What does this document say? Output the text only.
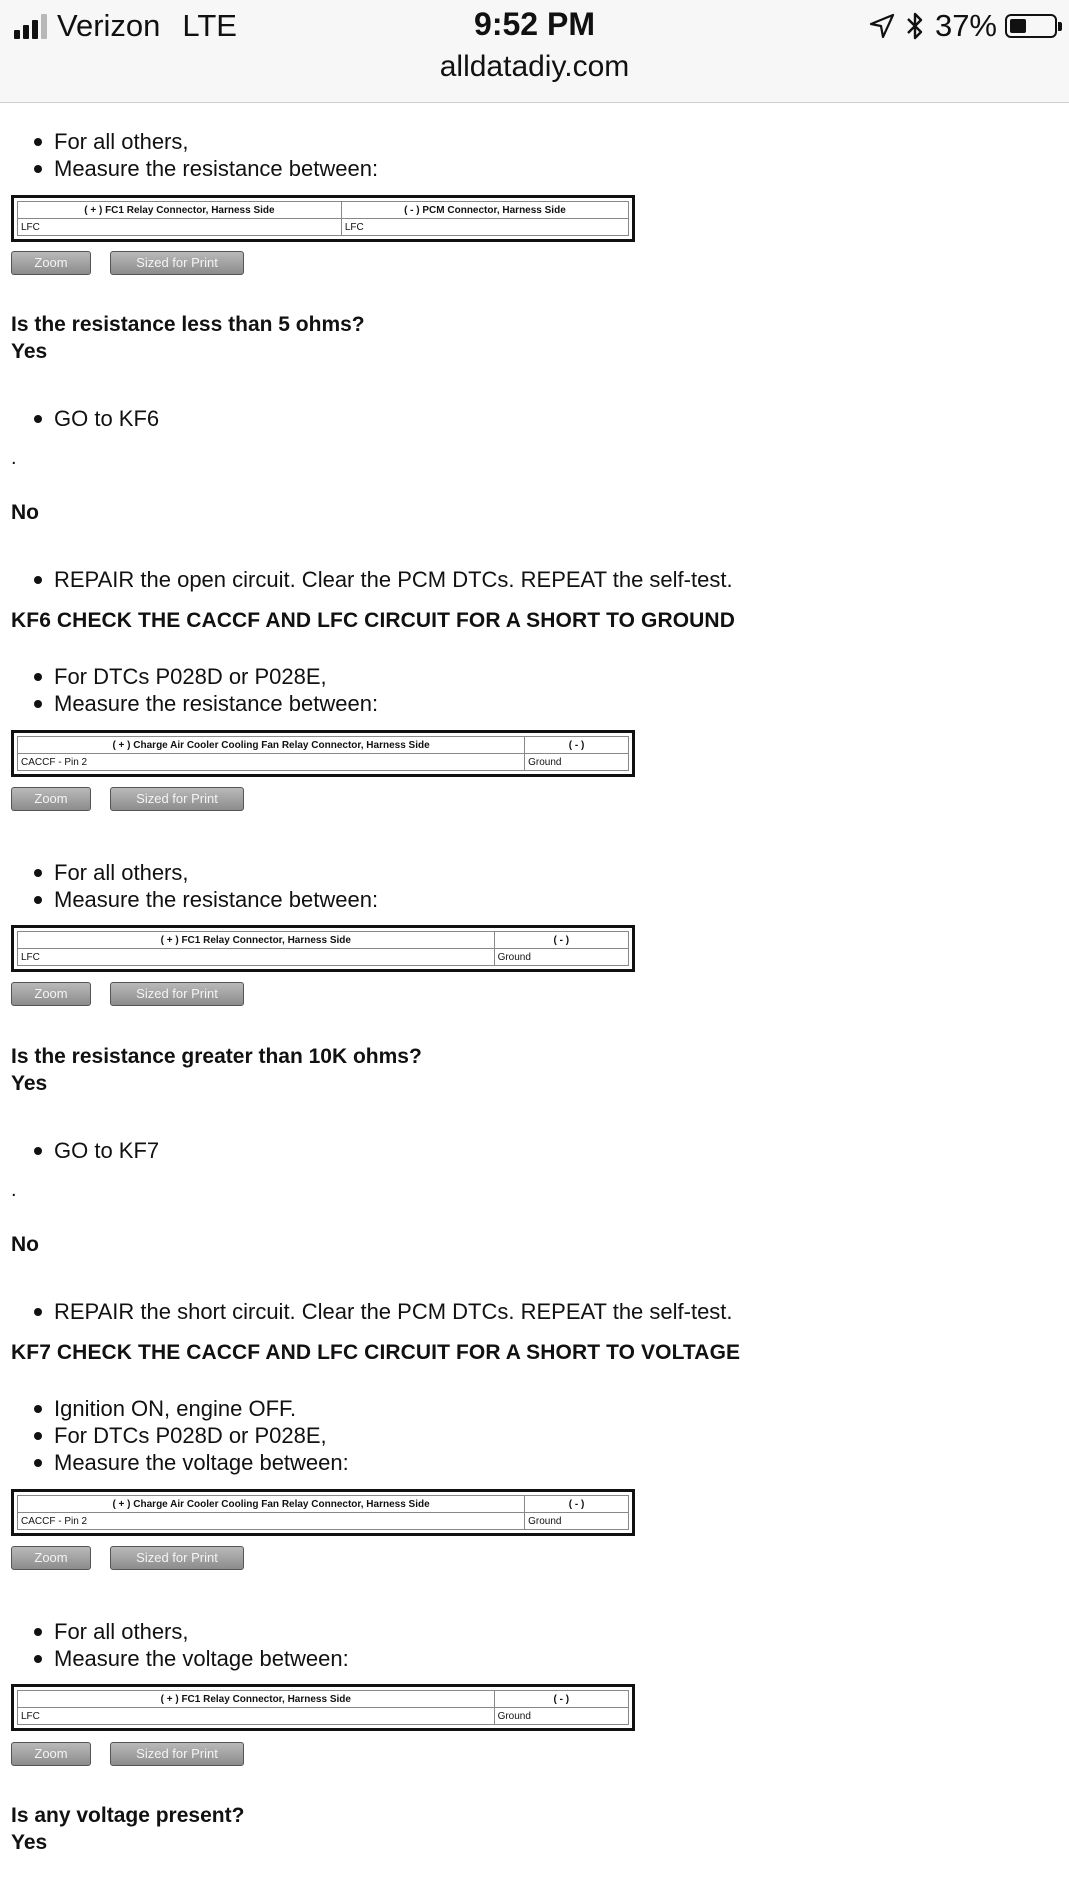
Verizon LTE	9:52 PM
alldatadiy.com
37%
For all others,
Measure the resistance between:
( + ) FC1 Relay Connector, Harness Side	( - ) PCM Connector, Harness Side
LFC	LFC
Zoom	Sized for Print
Is the resistance less than 5 ohms?
Yes
GO to KF6
.
No
REPAIR the open circuit. Clear the PCM DTCs. REPEAT the self-test.
KF6 CHECK THE CACCF AND LFC CIRCUIT FOR A SHORT TO GROUND
For DTCs P028D or P028E,
Measure the resistance between:
( + ) Charge Air Cooler Cooling Fan Relay Connector, Harness Side	( - )
CACCF - Pin 2	Ground
Zoom	Sized for Print
For all others,
Measure the resistance between:
( + ) FC1 Relay Connector, Harness Side	( - )
LFC	Ground
Zoom	Sized for Print
Is the resistance greater than 10K ohms?
Yes
GO to KF7
.
No
REPAIR the short circuit. Clear the PCM DTCs. REPEAT the self-test.
KF7 CHECK THE CACCF AND LFC CIRCUIT FOR A SHORT TO VOLTAGE
Ignition ON, engine OFF.
For DTCs P028D or P028E,
Measure the voltage between:
( + ) Charge Air Cooler Cooling Fan Relay Connector, Harness Side	( - )
CACCF - Pin 2	Ground
Zoom	Sized for Print
For all others,
Measure the voltage between:
( + ) FC1 Relay Connector, Harness Side	( - )
LFC	Ground
Zoom	Sized for Print
Is any voltage present?
Yes
